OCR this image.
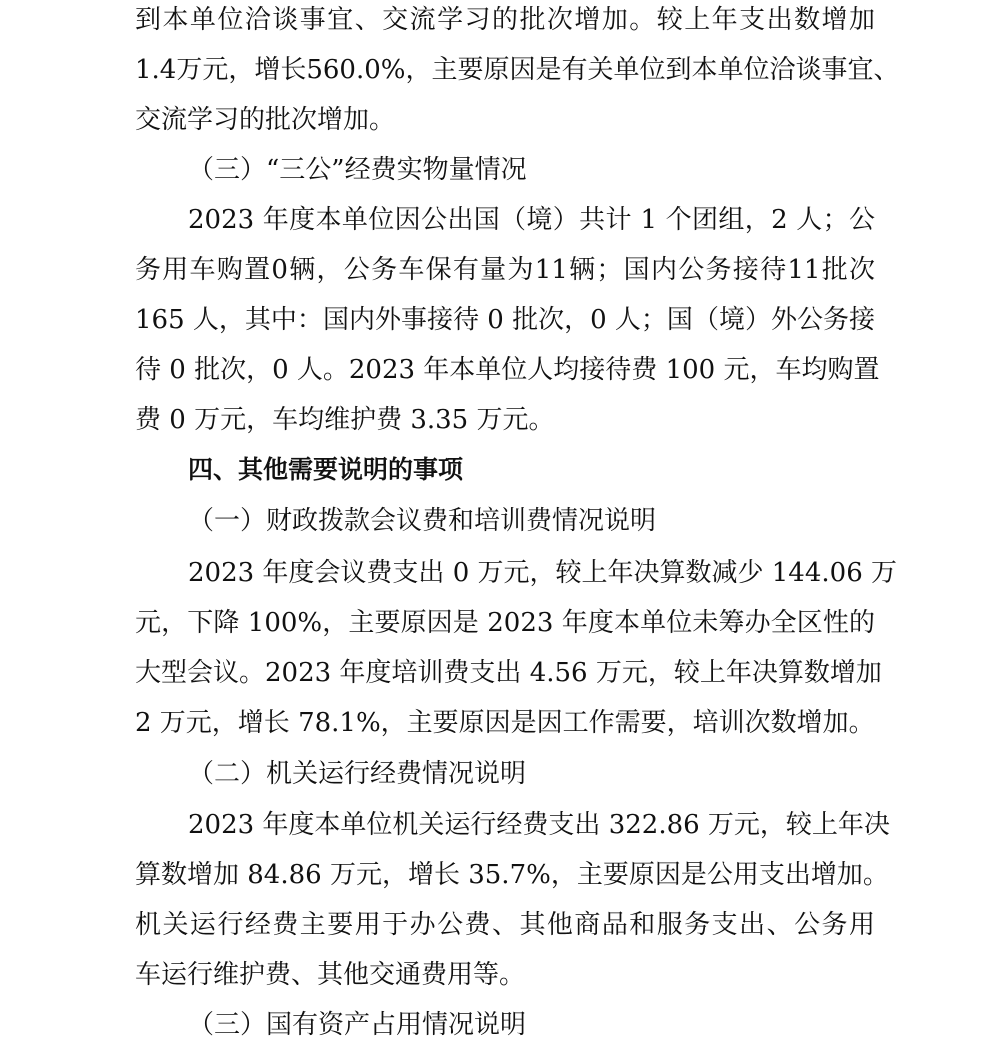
到本单位洽谈事宜、交流学习的批次增加。较上年支出数增加
1.4万元，增长560.0%，主要原因是有关单位到本单位洽谈事宜、
交流学习的批次增加。
（三）“三公”经费实物量情况
2023 年度本单位因公出国（境）共计 1 个团组，2 人；公
务用车购置0辆，公务车保有量为11辆；国内公务接待11批次
165 人，其中：国内外事接待 0 批次，0 人；国（境）外公务接
待 0 批次，0 人。2023 年本单位人均接待费 100 元，车均购置
费 0 万元，车均维护费 3.35 万元。
四、其他需要说明的事项
（一）财政拨款会议费和培训费情况说明
2023 年度会议费支出 0 万元，较上年决算数减少 144.06 万
元，下降 100%，主要原因是 2023 年度本单位未筹办全区性的
大型会议。2023 年度培训费支出 4.56 万元，较上年决算数增加
2 万元，增长 78.1%，主要原因是因工作需要，培训次数增加。
（二）机关运行经费情况说明
2023 年度本单位机关运行经费支出 322.86 万元，较上年决
算数增加 84.86 万元，增长 35.7%，主要原因是公用支出增加。
机关运行经费主要用于办公费、其他商品和服务支出、公务用
车运行维护费、其他交通费用等。
（三）国有资产占用情况说明
